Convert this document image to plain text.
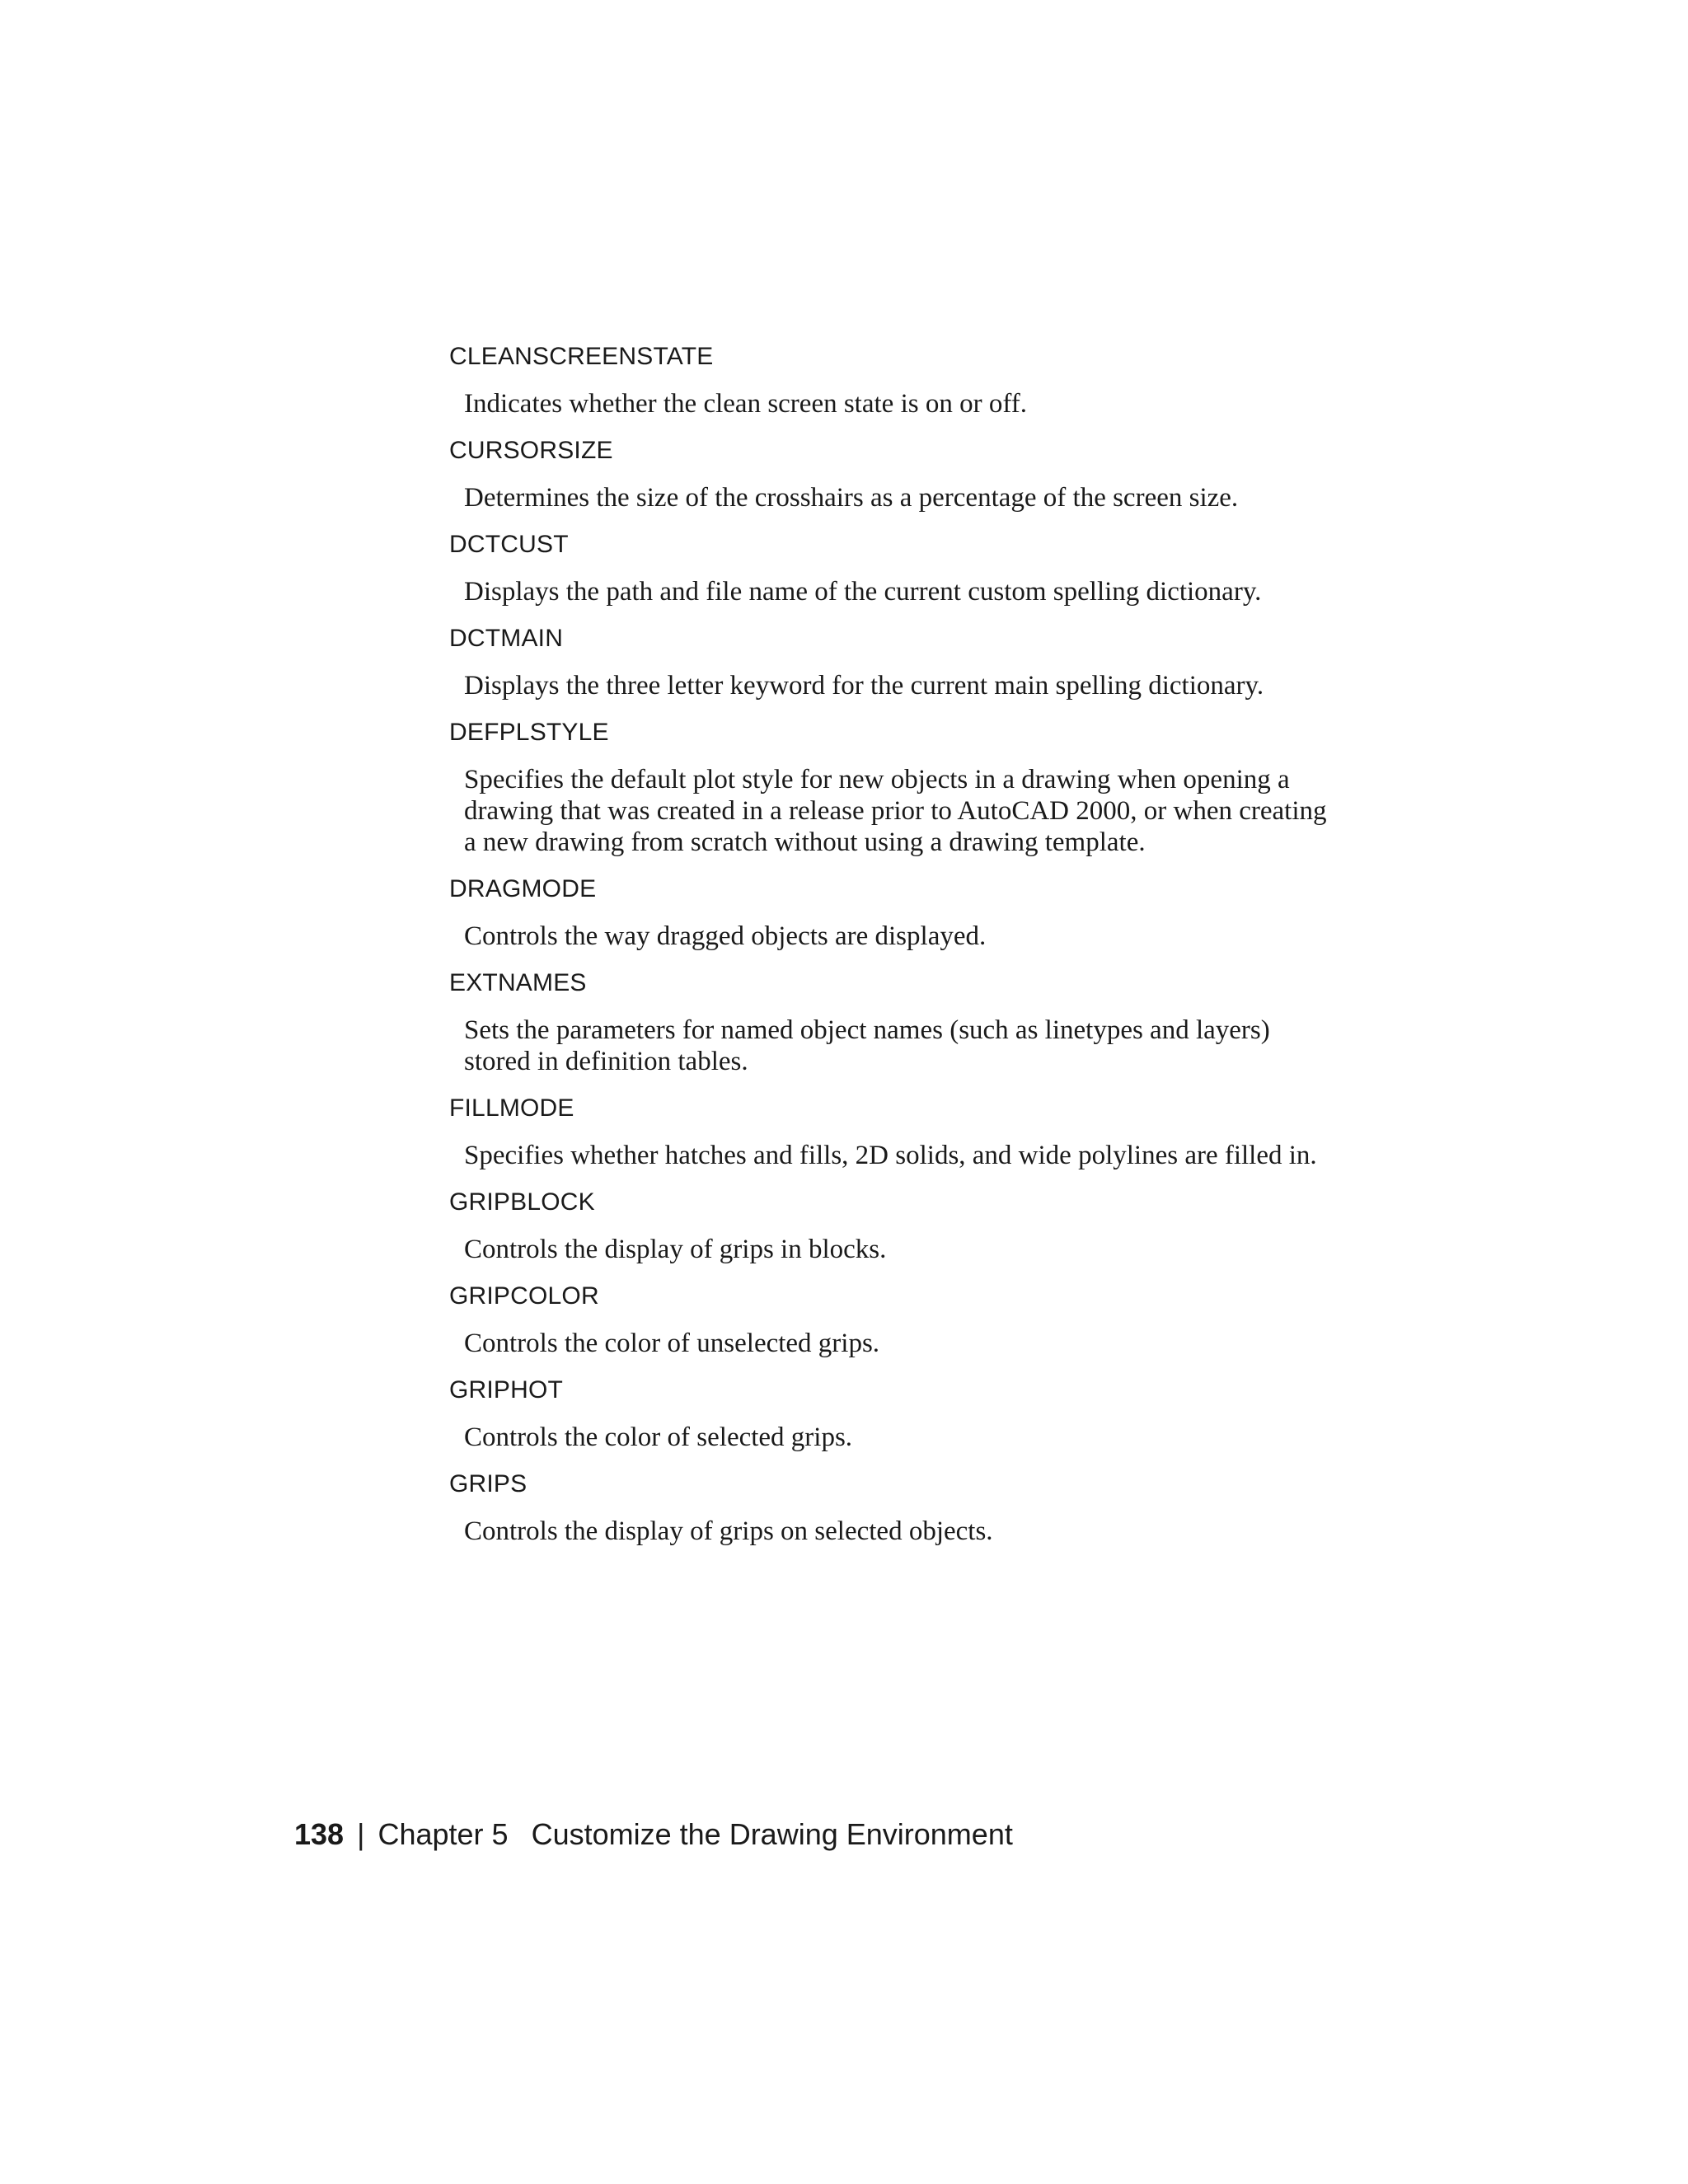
CLEANSCREENSTATE
Indicates whether the clean screen state is on or off.
CURSORSIZE
Determines the size of the crosshairs as a percentage of the screen size.
DCTCUST
Displays the path and file name of the current custom spelling dictionary.
DCTMAIN
Displays the three letter keyword for the current main spelling dictionary.
DEFPLSTYLE
Specifies the default plot style for new objects in a drawing when opening a drawing that was created in a release prior to AutoCAD 2000, or when creating a new drawing from scratch without using a drawing template.
DRAGMODE
Controls the way dragged objects are displayed.
EXTNAMES
Sets the parameters for named object names (such as linetypes and layers) stored in definition tables.
FILLMODE
Specifies whether hatches and fills, 2D solids, and wide polylines are filled in.
GRIPBLOCK
Controls the display of grips in blocks.
GRIPCOLOR
Controls the color of unselected grips.
GRIPHOT
Controls the color of selected grips.
GRIPS
Controls the display of grips on selected objects.
138 | Chapter 5 Customize the Drawing Environment
